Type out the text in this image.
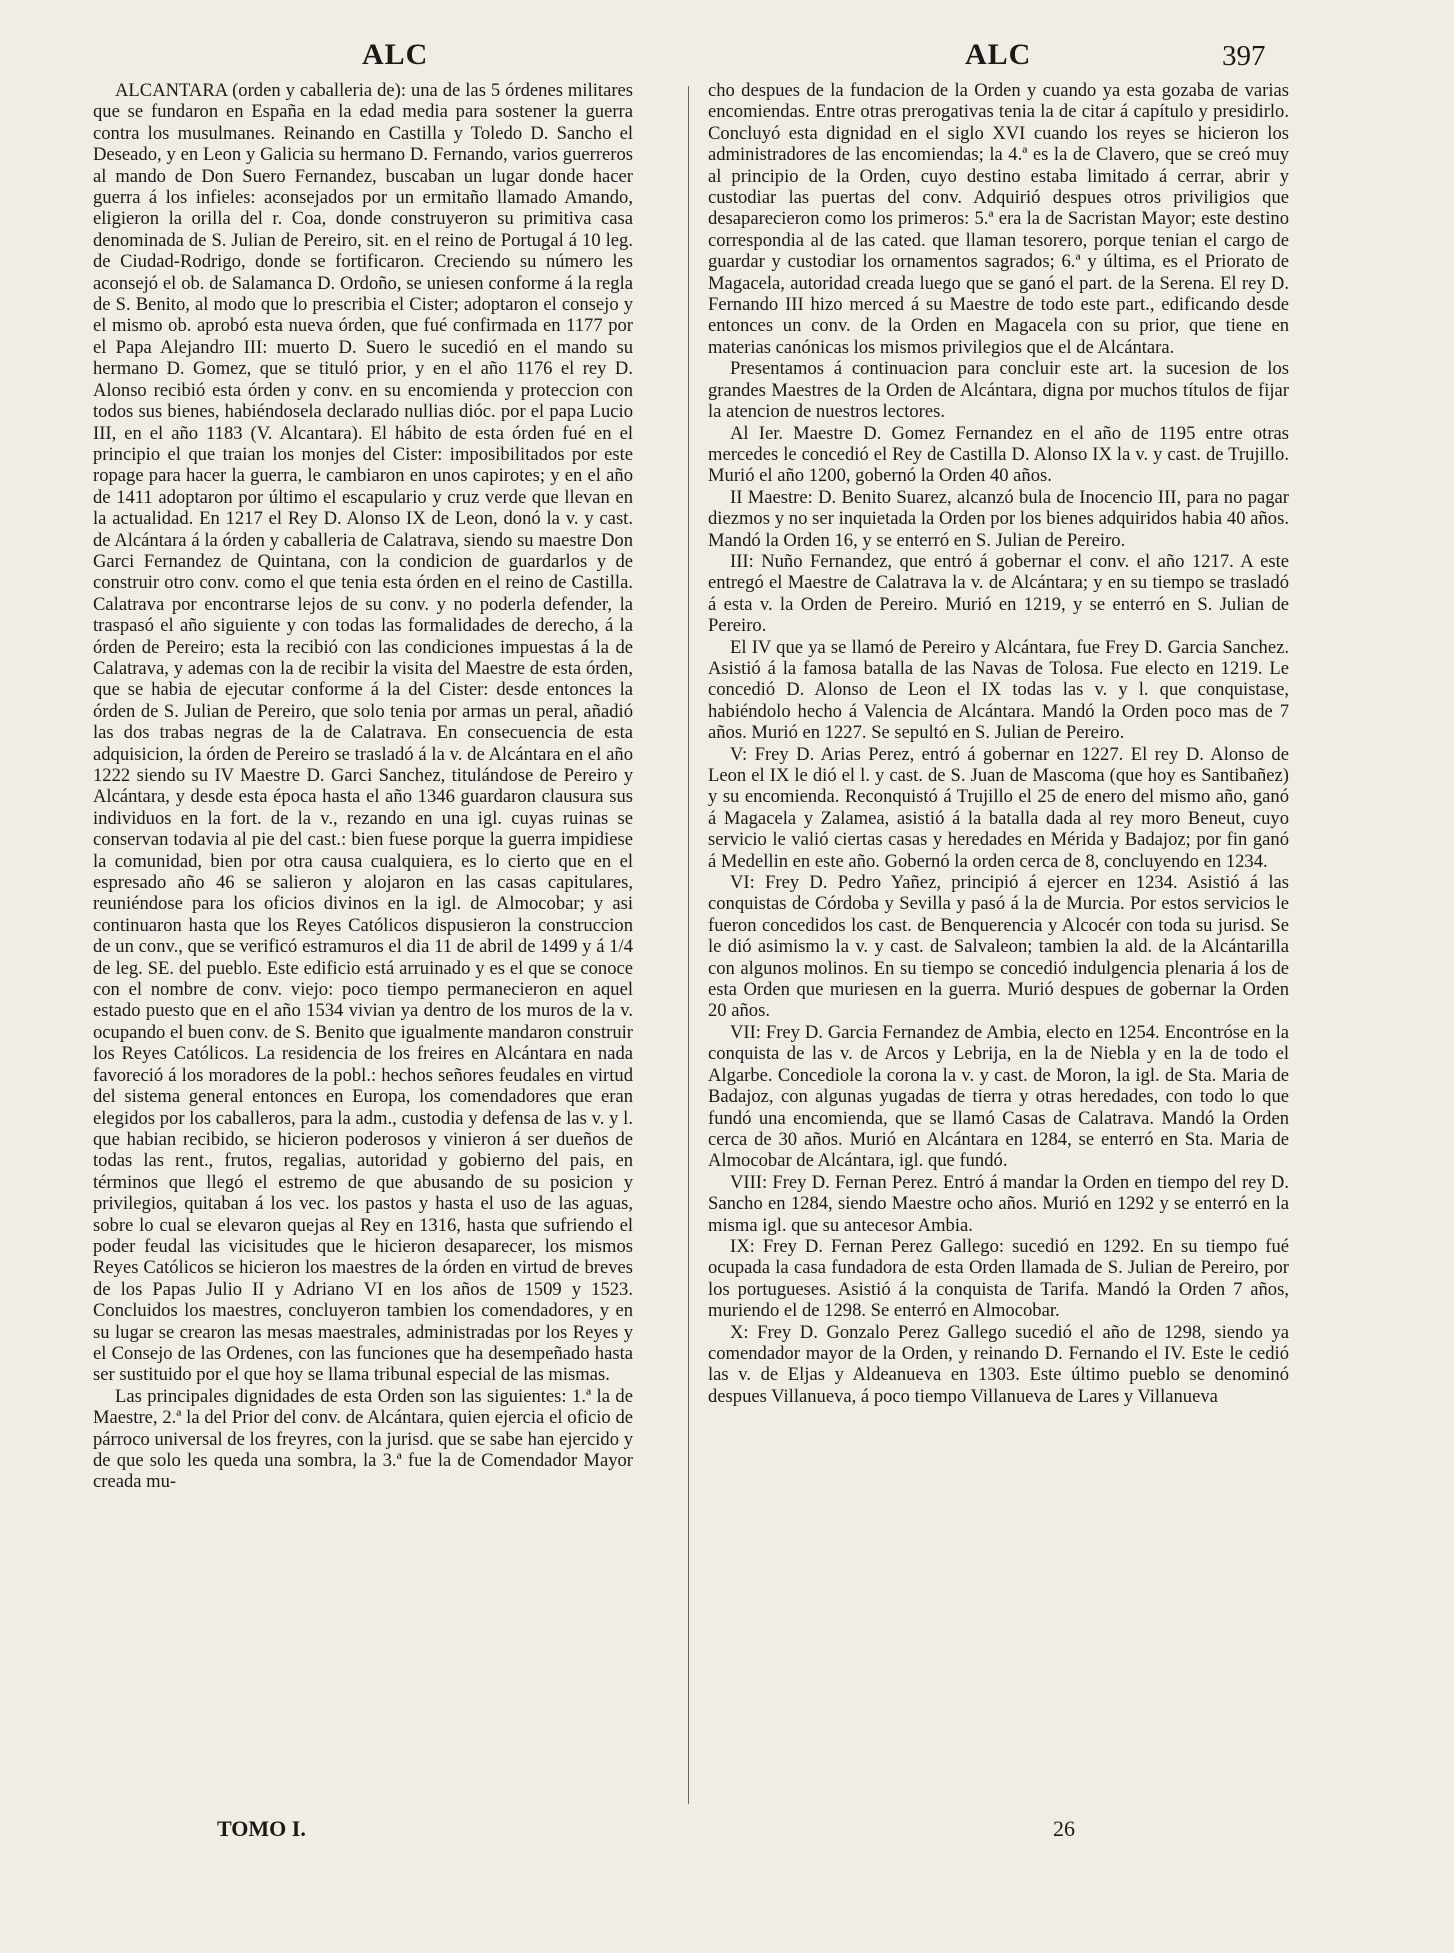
ALC	ALC	397

ALCANTARA (orden y caballeria de): una de las 5 órdenes militares que se fundaron en España en la edad media para sostener la guerra contra los musulmanes. Reinando en Castilla y Toledo D. Sancho el Deseado, y en Leon y Galicia su hermano D. Fernando, varios guerreros al mando de Don Suero Fernandez, buscaban un lugar donde hacer guerra á los infieles: aconsejados por un ermitaño llamado Amando, eligieron la orilla del r. Coa, donde construyeron su primitiva casa denominada de S. Julian de Pereiro, sit. en el reino de Portugal á 10 leg. de Ciudad-Rodrigo, donde se fortificaron. Creciendo su número les aconsejó el ob. de Salamanca D. Ordoño, se uniesen conforme á la regla de S. Benito, al modo que lo prescribia el Cister; adoptaron el consejo y el mismo ob. aprobó esta nueva órden, que fué confirmada en 1177 por el Papa Alejandro III: muerto D. Suero le sucedió en el mando su hermano D. Gomez, que se tituló prior, y en el año 1176 el rey D. Alonso recibió esta órden y conv. en su encomienda y proteccion con todos sus bienes, habiéndosela declarado nullias dióc. por el papa Lucio III, en el año 1183 (V. Alcantara). El hábito de esta órden fué en el principio el que traian los monjes del Cister: imposibilitados por este ropage para hacer la guerra, le cambiaron en unos capirotes; y en el año de 1411 adoptaron por último el escapulario y cruz verde que llevan en la actualidad. En 1217 el Rey D. Alonso IX de Leon, donó la v. y cast. de Alcántara á la órden y caballeria de Calatrava, siendo su maestre Don Garci Fernandez de Quintana, con la condicion de guardarlos y de construir otro conv. como el que tenia esta órden en el reino de Castilla. Calatrava por encontrarse lejos de su conv. y no poderla defender, la traspasó el año siguiente y con todas las formalidades de derecho, á la órden de Pereiro; esta la recibió con las condiciones impuestas á la de Calatrava, y ademas con la de recibir la visita del Maestre de esta órden, que se habia de ejecutar conforme á la del Cister: desde entonces la órden de S. Julian de Pereiro, que solo tenia por armas un peral, añadió las dos trabas negras de la de Calatrava. En consecuencia de esta adquisicion, la órden de Pereiro se trasladó á la v. de Alcántara en el año 1222 siendo su IV Maestre D. Garci Sanchez, titulándose de Pereiro y Alcántara, y desde esta época hasta el año 1346 guardaron clausura sus individuos en la fort. de la v., rezando en una igl. cuyas ruinas se conservan todavia al pie del cast.: bien fuese porque la guerra impidiese la comunidad, bien por otra causa cualquiera, es lo cierto que en el espresado año 46 se salieron y alojaron en las casas capitulares, reuniéndose para los oficios divinos en la igl. de Almocobar; y asi continuaron hasta que los Reyes Católicos dispusieron la construccion de un conv., que se verificó estramuros el dia 11 de abril de 1499 y á 1/4 de leg. SE. del pueblo. Este edificio está arruinado y es el que se conoce con el nombre de conv. viejo: poco tiempo permanecieron en aquel estado puesto que en el año 1534 vivian ya dentro de los muros de la v. ocupando el buen conv. de S. Benito que igualmente mandaron construir los Reyes Católicos. La residencia de los freires en Alcántara en nada favoreció á los moradores de la pobl.: hechos señores feudales en virtud del sistema general entonces en Europa, los comendadores que eran elegidos por los caballeros, para la adm., custodia y defensa de las v. y l. que habian recibido, se hicieron poderosos y vinieron á ser dueños de todas las rent., frutos, regalias, autoridad y gobierno del pais, en términos que llegó el estremo de que abusando de su posicion y privilegios, quitaban á los vec. los pastos y hasta el uso de las aguas, sobre lo cual se elevaron quejas al Rey en 1316, hasta que sufriendo el poder feudal las vicisitudes que le hicieron desaparecer, los mismos Reyes Católicos se hicieron los maestres de la órden en virtud de breves de los Papas Julio II y Adriano VI en los años de 1509 y 1523. Concluidos los maestres, concluyeron tambien los comendadores, y en su lugar se crearon las mesas maestrales, administradas por los Reyes y el Consejo de las Ordenes, con las funciones que ha desempeñado hasta ser sustituido por el que hoy se llama tribunal especial de las mismas.

Las principales dignidades de esta Orden son las siguientes: 1.ª la de Maestre, 2.ª la del Prior del conv. de Alcántara, quien ejercia el oficio de párroco universal de los freyres, con la jurisd. que se sabe han ejercido y de que solo les queda una sombra, la 3.ª fue la de Comendador Mayor creada mu-

cho despues de la fundacion de la Orden y cuando ya esta gozaba de varias encomiendas. Entre otras prerogativas tenia la de citar á capítulo y presidirlo. Concluyó esta dignidad en el siglo XVI cuando los reyes se hicieron los administradores de las encomiendas; la 4.ª es la de Clavero, que se creó muy al principio de la Orden, cuyo destino estaba limitado á cerrar, abrir y custodiar las puertas del conv. Adquirió despues otros priviligios que desaparecieron como los primeros: 5.ª era la de Sacristan Mayor; este destino correspondia al de las cated. que llaman tesorero, porque tenian el cargo de guardar y custodiar los ornamentos sagrados; 6.ª y última, es el Priorato de Magacela, autoridad creada luego que se ganó el part. de la Serena. El rey D. Fernando III hizo merced á su Maestre de todo este part., edificando desde entonces un conv. de la Orden en Magacela con su prior, que tiene en materias canónicas los mismos privilegios que el de Alcántara.

Presentamos á continuacion para concluir este art. la sucesion de los grandes Maestres de la Orden de Alcántara, digna por muchos títulos de fijar la atencion de nuestros lectores.

Al Ier. Maestre D. Gomez Fernandez en el año de 1195 entre otras mercedes le concedió el Rey de Castilla D. Alonso IX la v. y cast. de Trujillo. Murió el año 1200, gobernó la Orden 40 años.

II Maestre: D. Benito Suarez, alcanzó bula de Inocencio III, para no pagar diezmos y no ser inquietada la Orden por los bienes adquiridos habia 40 años. Mandó la Orden 16, y se enterró en S. Julian de Pereiro.

III: Nuño Fernandez, que entró á gobernar el conv. el año 1217. A este entregó el Maestre de Calatrava la v. de Alcántara; y en su tiempo se trasladó á esta v. la Orden de Pereiro. Murió en 1219, y se enterró en S. Julian de Pereiro.

El IV que ya se llamó de Pereiro y Alcántara, fue Frey D. Garcia Sanchez. Asistió á la famosa batalla de las Navas de Tolosa. Fue electo en 1219. Le concedió D. Alonso de Leon el IX todas las v. y l. que conquistase, habiéndolo hecho á Valencia de Alcántara. Mandó la Orden poco mas de 7 años. Murió en 1227. Se sepultó en S. Julian de Pereiro.

V: Frey D. Arias Perez, entró á gobernar en 1227. El rey D. Alonso de Leon el IX le dió el l. y cast. de S. Juan de Mascoma (que hoy es Santibañez) y su encomienda. Reconquistó á Trujillo el 25 de enero del mismo año, ganó á Magacela y Zalamea, asistió á la batalla dada al rey moro Beneut, cuyo servicio le valió ciertas casas y heredades en Mérida y Badajoz; por fin ganó á Medellin en este año. Gobernó la orden cerca de 8, concluyendo en 1234.

VI: Frey D. Pedro Yañez, principió á ejercer en 1234. Asistió á las conquistas de Córdoba y Sevilla y pasó á la de Murcia. Por estos servicios le fueron concedidos los cast. de Benquerencia y Alcocér con toda su jurisd. Se le dió asimismo la v. y cast. de Salvaleon; tambien la ald. de la Alcántarilla con algunos molinos. En su tiempo se concedió indulgencia plenaria á los de esta Orden que muriesen en la guerra. Murió despues de gobernar la Orden 20 años.

VII: Frey D. Garcia Fernandez de Ambia, electo en 1254. Encontróse en la conquista de las v. de Arcos y Lebrija, en la de Niebla y en la de todo el Algarbe. Concediole la corona la v. y cast. de Moron, la igl. de Sta. Maria de Badajoz, con algunas yugadas de tierra y otras heredades, con todo lo que fundó una encomienda, que se llamó Casas de Calatrava. Mandó la Orden cerca de 30 años. Murió en Alcántara en 1284, se enterró en Sta. Maria de Almocobar de Alcántara, igl. que fundó.

VIII: Frey D. Fernan Perez. Entró á mandar la Orden en tiempo del rey D. Sancho en 1284, siendo Maestre ocho años. Murió en 1292 y se enterró en la misma igl. que su antecesor Ambia.

IX: Frey D. Fernan Perez Gallego: sucedió en 1292. En su tiempo fué ocupada la casa fundadora de esta Orden llamada de S. Julian de Pereiro, por los portugueses. Asistió á la conquista de Tarifa. Mandó la Orden 7 años, muriendo el de 1298. Se enterró en Almocobar.

X: Frey D. Gonzalo Perez Gallego sucedió el año de 1298, siendo ya comendador mayor de la Orden, y reinando D. Fernando el IV. Este le cedió las v. de Eljas y Aldeanueva en 1303. Este último pueblo se denominó despues Villanueva, á poco tiempo Villanueva de Lares y Villanueva

TOMO I.	26
